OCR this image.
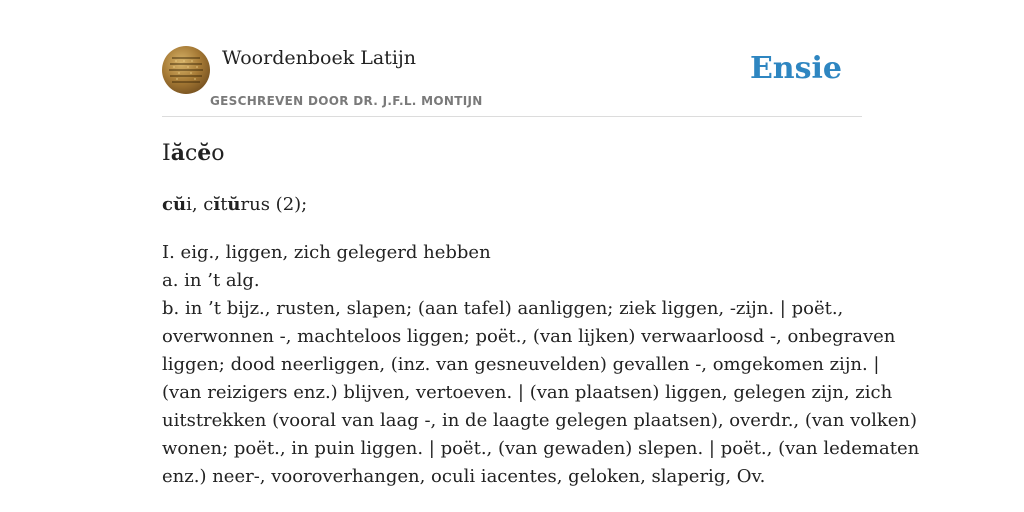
Woordenboek Latijn
GESCHREVEN DOOR DR. J.F.L. MONTIJN
Ensie
Iăcĕo
cŭi, cĭtŭrus (2);
I. eig., liggen, zich gelegerd hebben
a. in ’t alg.
b. in ’t bijz., rusten, slapen; (aan tafel) aanliggen; ziek liggen, -zijn. | poët.,
overwonnen -, machteloos liggen; poët., (van lijken) verwaarloosd -, onbegraven
liggen; dood neerliggen, (inz. van gesneuvelden) gevallen -, omgekomen zijn. |
(van reizigers enz.) blijven, vertoeven. | (van plaatsen) liggen, gelegen zijn, zich
uitstrekken (vooral van laag -, in de laagte gelegen plaatsen), overdr., (van volken)
wonen; poët., in puin liggen. | poët., (van gewaden) slepen. | poët., (van ledematen
enz.) neer-, vooroverhangen, oculi iacentes, geloken, slaperig, Ov.
